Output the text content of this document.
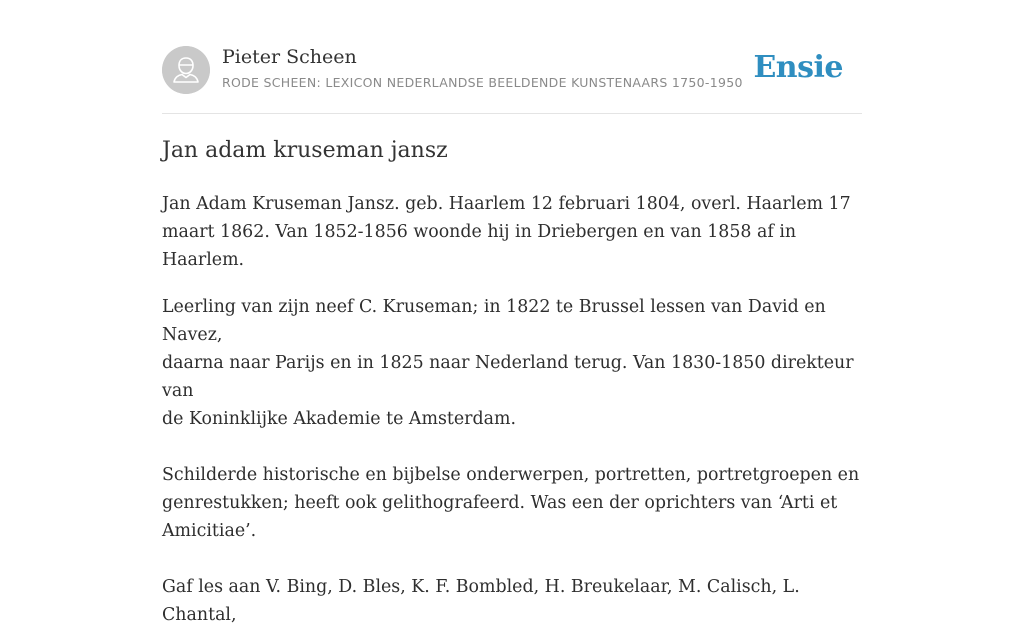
Pieter Scheen
RODE SCHEEN: LEXICON NEDERLANDSE BEELDENDE KUNSTENAARS 1750-1950 Ensie
Jan adam kruseman jansz

Jan Adam Kruseman Jansz. geb. Haarlem 12 februari 1804, overl. Haarlem 17
maart 1862. Van 1852-1856 woonde hij in Driebergen en van 1858 af in Haarlem.

Leerling van zijn neef C. Kruseman; in 1822 te Brussel lessen van David en Navez,
daarna naar Parijs en in 1825 naar Nederland terug. Van 1830-1850 direkteur van
de Koninklijke Akademie te Amsterdam.

Schilderde historische en bijbelse onderwerpen, portretten, portretgroepen en
genrestukken; heeft ook gelithografeerd. Was een der oprichters van ‘Arti et
Amicitiae’.

Gaf les aan V. Bing, D. Bles, K. F. Bombled, H. Breukelaar, M. Calisch, L. Chantal,
